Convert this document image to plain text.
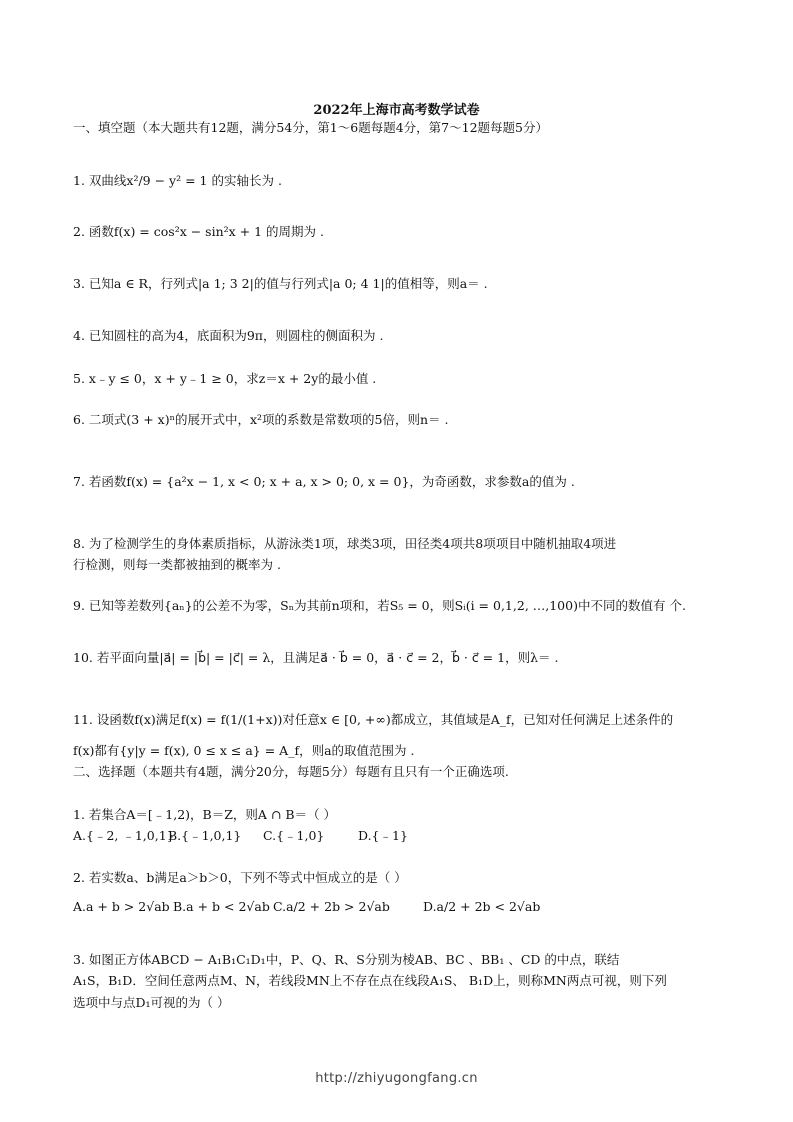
2022年上海市高考数学试卷
一、填空题（本大题共有12题，满分54分，第1～6题每题4分，第7～12题每题5分）
1. 双曲线x²/9 − y² = 1 的实轴长为 .
2. 函数f(x) = cos²x − sin²x + 1 的周期为 .
3. 已知a ∈ R，行列式|a 1; 3 2|的值与行列式|a 0; 4 1|的值相等，则a＝ .
4. 已知圆柱的高为4，底面积为9π，则圆柱的侧面积为 .
5. x﹣y ≤ 0，x + y﹣1 ≥ 0，求z＝x + 2y的最小值 .
6. 二项式(3 + x)ⁿ的展开式中，x²项的系数是常数项的5倍，则n＝ .
7. 若函数f(x) = {a²x − 1, x < 0; x + a, x > 0; 0, x = 0}，为奇函数，求参数a的值为 .
8. 为了检测学生的身体素质指标，从游泳类1项，球类3项，田径类4项共8项项目中随机抽取4项进
行检测，则每一类都被抽到的概率为 .
9. 已知等差数列{aₙ}的公差不为零，Sₙ为其前n项和，若S₅ = 0，则Sᵢ(i = 0,1,2, …,100)中不同的数值有 个.
10. 若平面向量|a⃗| = |b⃗| = |c⃗| = λ，且满足a⃗ · b⃗ = 0，a⃗ · c⃗ = 2，b⃗ · c⃗ = 1，则λ＝ .
11. 设函数f(x)满足f(x) = f(1/(1+x))对任意x ∈ [0, +∞)都成立，其值域是A_f，已知对任何满足上述条件的
f(x)都有{y|y = f(x), 0 ≤ x ≤ a} = A_f，则a的取值范围为 .
二、选择题（本题共有4题，满分20分，每题5分）每题有且只有一个正确选项.
1. 若集合A＝[﹣1,2)，B＝Z，则A ∩ B＝（ ）
A.{﹣2, ﹣1,0,1}B.{﹣1,0,1} C.{﹣1,0}	D.{﹣1}
2. 若实数a、b满足a＞b＞0，下列不等式中恒成立的是（ ）
A.a + b > 2√ab B.a + b < 2√ab C.a/2 + 2b > 2√ab	D.a/2 + 2b < 2√ab
3. 如图正方体ABCD − A₁B₁C₁D₁中，P、Q、R、S分别为棱AB、BC 、BB₁ 、CD 的中点，联结
A₁S，B₁D．空间任意两点M、N，若线段MN上不存在点在线段A₁S、 B₁D上，则称MN两点可视，则下列
选项中与点D₁可视的为（ ）
http://zhiyugongfang.cn
